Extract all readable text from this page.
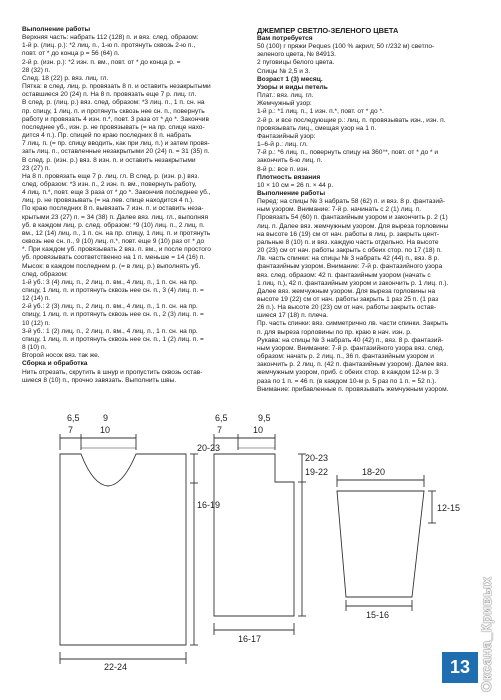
Выполнение работы

Верхняя часть: набрать 112 (128) п. и вяз. след. образом:

1-й р. (лиц. р.): *2 лиц. п., 1-ю п. протянуть сквозь 2-ю п.,

повт. от * до конца р = 56 (64) п.

2-й р. (изн. р.): *2 изн. п. вм., повт. от * до конца р. =

28 (32) п.

След. 18 (22) р. вяз. лиц. гл.

Пятка: в след. лиц. р. провязать 8 п. и оставить незакрытыми

оставшиеся 20 (24) п. На 8 п. провязать еще 7 р. лиц. гл.

В след. р. (лиц. р.) вяз. след. образом: *3 лиц. п., 1 п. сн. на

пр. спицу, 1 лиц. п. и протянуть сквозь нее сн. п., повернуть

работу и провязать 4 изн. п.*, повт. 3 раза от * до *. Закончив

последнее уб., изн. р. не провязывать (= на пр. спице нахо-

дится 4 п.). Пр. спицей по краю последних 8 п. набрать

7 лиц. п. (= пр. спицу вводить, как при лиц. п.) и затем провя-

зать лиц. п., оставленные незакрытыми 20 (24) п. = 31 (35) п.

В след. р. (изн. р.) вяз. 8 изн. п. и оставить незакрытыми

23 (27) п.

На 8 п. провязать еще 7 р. лиц. гл. В след. р. (изн. р.) вяз.

след. образом: *3 изн. п., 2 изн. п. вм., повернуть работу,

4 лиц. п.*, повт. еще 3 раза от * до *. Закончив последнее уб.,

лиц. р. не провязывать (= на лев. спице находится 4 п.).

По краю последних 8 п. вывязать 7 изн. п. и оставить неза-

крытыми 23 (27) п. = 34 (38) п. Далее вяз. лиц. гл., выполняя

уб. в каждом лиц. р. след. образом: *9 (10) лиц. п., 2 лиц. п.

вм., 12 (14) лиц. п., 1 п. сн. на пр. спицу, 1 лиц. п. и протянуть

сквозь нее сн. п., 9 (10) лиц. п.*, повт. еще 9 (10) раз от * до

*. При каждом уб. провязывать 2 вяз. п. вм., и после простого

уб. провязывать соответственно на 1 п. меньше = 14 (16) п.

Мысок: в каждом последнем р. (= в лиц. р.) выполнять уб.

след. образом:

1-й уб.: 3 (4) лиц. п., 2 лиц. п. вм., 4 лиц. п., 1 п. сн. на пр.

спицу, 1 лиц. п. и протянуть сквозь нее сн. п., 3 (4) лиц. п. =

12 (14) п.

2-й уб.: 2 (3) лиц. п., 2 лиц. п. вм., 4 лиц. п., 1 п. сн. на пр.

спицу, 1 лиц. п. и протянуть сквозь нее сн. п., 2 (3) лиц. п. =

10 (12) п.

3-й уб.: 1 (2) лиц. п., 2 лиц. п. вм., 4 лиц. п., 1 п. сн. на пр.

спицу, 1 лиц. п. и протянуть сквозь нее сн. п., 1 (2) лиц. п. =

8 (10) п.

Второй носок вяз. так же.

Сборка и обработка

Нить отрезать, скрутить в шнур и пропустить сквозь остав-

шиеся 8 (10) п., прочно завязать. Выполнить швы.

ДЖЕМПЕР СВЕТЛО-ЗЕЛЕНОГО ЦВЕТА

Вам потребуется

50 (100) г пряжи Peques (100 % акрил; 50 г/232 м) светло-

зеленого цвета, № 84913.

2 пуговицы белого цвета.

Спицы № 2,5 и 3.

Возраст 1 (3) месяц.

Узоры и виды петель

Плат.: вяз. лиц. гл.

Жемчужный узор:

1-й р.: *1 лиц. п., 1 изн. п.*, повт. от * до *.

2-й р. и все последующие р.: лиц. п. провязывать изн., изн. п.

провязывать лиц., смещая узор на 1 п.

Фантазийный узор:

1–6-й р.: лиц. гл.

7-й р.: *6 лиц. п., повернуть спицу на 360°*, повт. от * до * и

закончить 6-ю лиц. п.

8-й р.: все п. изн.

Плотность вязания

10 × 10 см = 26 п. × 44 р.

Выполнение работы

Перед: на спицы № 3 набрать 58 (62) п. и вяз. 8 р. фантазий-

ным узором. Внимание: 7-й р. начинать с 2 (1) лиц. п.

Провязать 54 (60) п. фантазийным узором и закончить р. 2 (1)

лиц. п. Далее вяз. жемчужным узором. Для выреза горловины

на высоте 16 (19) см от нач. работы в лиц. р. закрыть цент-

ральные 8 (10) п. и вяз. каждую часть отдельно. На высоте

20 (23) см от нач. работы закрыть с обеих стор. по 17 (18) п.

Лв. часть спинки: на спицы № 3 набрать 42 (44) п., вяз. 8 р.

фантазийным узором. Внимание: 7-й р. фантазийного узора

вяз. след. образом: 42 п. фантазийным узором (начать с

1 лиц. п.), 42 п. фантазийным узором и закончить р. 1 лиц. п.).

Далее вяз. жемчужным узором. Для выреза горловины на

высоте 19 (22) см от нач. работы закрыть 1 раз 25 п. (1 раз

26 п.). На высоте 20 (23) см от нач. работы закрыть остав-

шиеся 17 (18) п. плеча.

Пр. часть спинки: вяз. симметрично лв. части спинки. Закрыть

п. для выреза горловины по пр. краю в нач. изн. р.

Рукава: на спицы № 3 набрать 40 (42) п., вяз. 8 р. фантазий-

ным узором. Внимание: 7-й р. фантазийного узора вяз. след.

образом: начать р. 2 лиц. п., 36 п. фантазийным узором и

закончить р. 2 лиц. п. (42 п. фантазийным узором). Далее вяз.

жемчужным узором, приб. с обеих стор. в каждом 12-м р. 3

раза по 1 п. = 46 п. (в каждом 10-м р. 5 раз по 1 п. = 52 п.).

Внимание: прибавленные п. провязывать жемчужным узором.

6,5
7
9
10
20-23
16-19
22-24
6,5
7
9,5
10
20-23
19-22
16-17
18-20
12-15
15-16
13 Оксана_Кривых
